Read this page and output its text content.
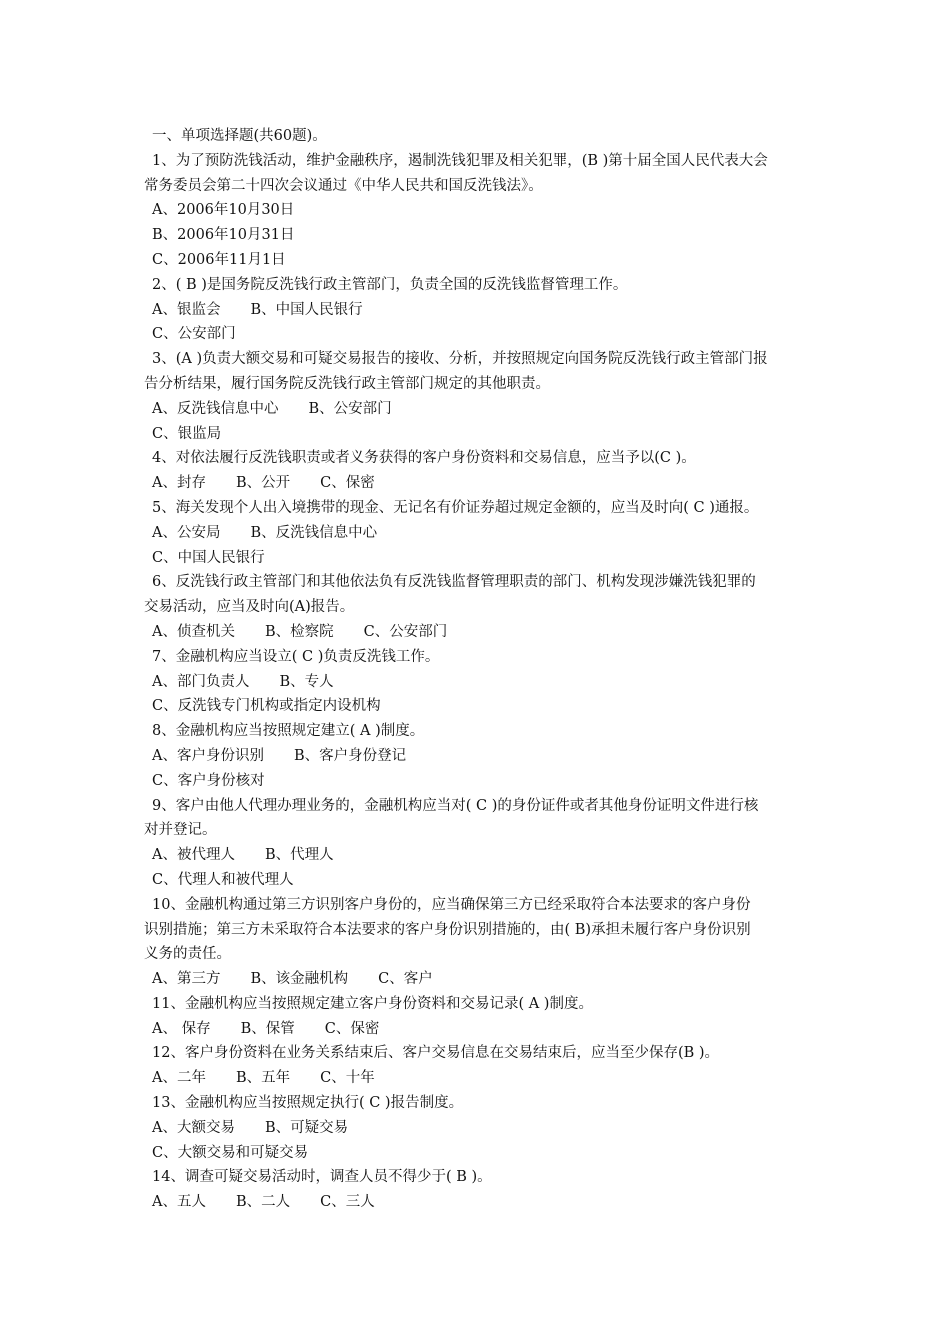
一、单项选择题(共60题)。
1、为了预防洗钱活动，维护金融秩序，遏制洗钱犯罪及相关犯罪，(B )第十届全国人民代表大会
常务委员会第二十四次会议通过《中华人民共和国反洗钱法》。
A、2006年10月30日
B、2006年10月31日
C、2006年11月1日
2、( B )是国务院反洗钱行政主管部门，负责全国的反洗钱监督管理工作。
A、银监会 B、中国人民银行
C、公安部门
3、(A )负责大额交易和可疑交易报告的接收、分析，并按照规定向国务院反洗钱行政主管部门报
告分析结果，履行国务院反洗钱行政主管部门规定的其他职责。
A、反洗钱信息中心 B、公安部门
C、银监局
4、对依法履行反洗钱职责或者义务获得的客户身份资料和交易信息，应当予以(C )。
A、封存 B、公开 C、保密
5、海关发现个人出入境携带的现金、无记名有价证券超过规定金额的，应当及时向( C )通报。
A、公安局 B、反洗钱信息中心
C、中国人民银行
6、反洗钱行政主管部门和其他依法负有反洗钱监督管理职责的部门、机构发现涉嫌洗钱犯罪的
交易活动，应当及时向(A)报告。
A、侦查机关 B、检察院 C、公安部门
7、金融机构应当设立( C )负责反洗钱工作。
A、部门负责人 B、专人
C、反洗钱专门机构或指定内设机构
8、金融机构应当按照规定建立( A )制度。
A、客户身份识别 B、客户身份登记
C、客户身份核对
9、客户由他人代理办理业务的，金融机构应当对( C )的身份证件或者其他身份证明文件进行核
对并登记。
A、被代理人 B、代理人
C、代理人和被代理人
10、金融机构通过第三方识别客户身份的，应当确保第三方已经采取符合本法要求的客户身份
识别措施；第三方未采取符合本法要求的客户身份识别措施的，由( B)承担未履行客户身份识别
义务的责任。
A、第三方 B、该金融机构 C、客户
11、金融机构应当按照规定建立客户身份资料和交易记录( A )制度。
A、 保存 B、保管 C、保密
12、客户身份资料在业务关系结束后、客户交易信息在交易结束后，应当至少保存(B )。
A、二年 B、五年 C、十年
13、金融机构应当按照规定执行( C )报告制度。
A、大额交易 B、可疑交易
C、大额交易和可疑交易
14、调查可疑交易活动时，调查人员不得少于( B )。
A、五人 B、二人 C、三人
